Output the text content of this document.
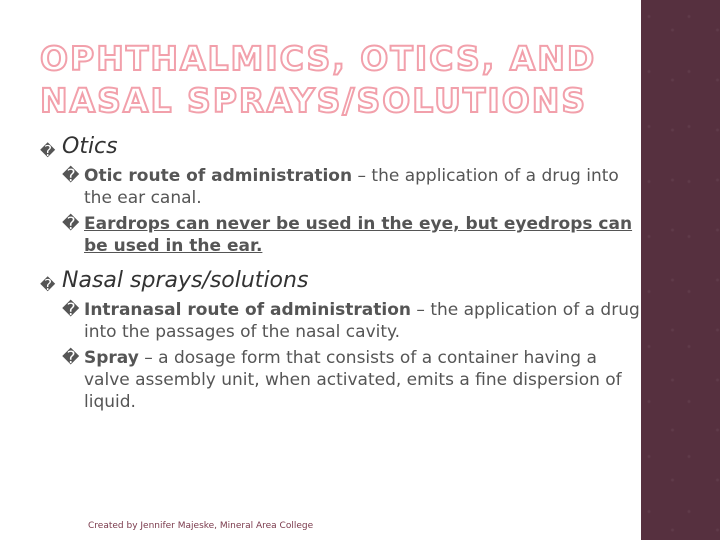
OPHTHALMICS, OTICS, AND NASAL SPRAYS/SOLUTIONS
� Otics
� Otic route of administration – the application of a drug into the ear canal.
� Eardrops can never be used in the eye, but eyedrops can be used in the ear.
� Nasal sprays/solutions
� Intranasal route of administration – the application of a drug into the passages of the nasal cavity.
� Spray – a dosage form that consists of a container having a valve assembly unit, when activated, emits a fine dispersion of liquid.
Created by Jennifer Majeske, Mineral Area College
